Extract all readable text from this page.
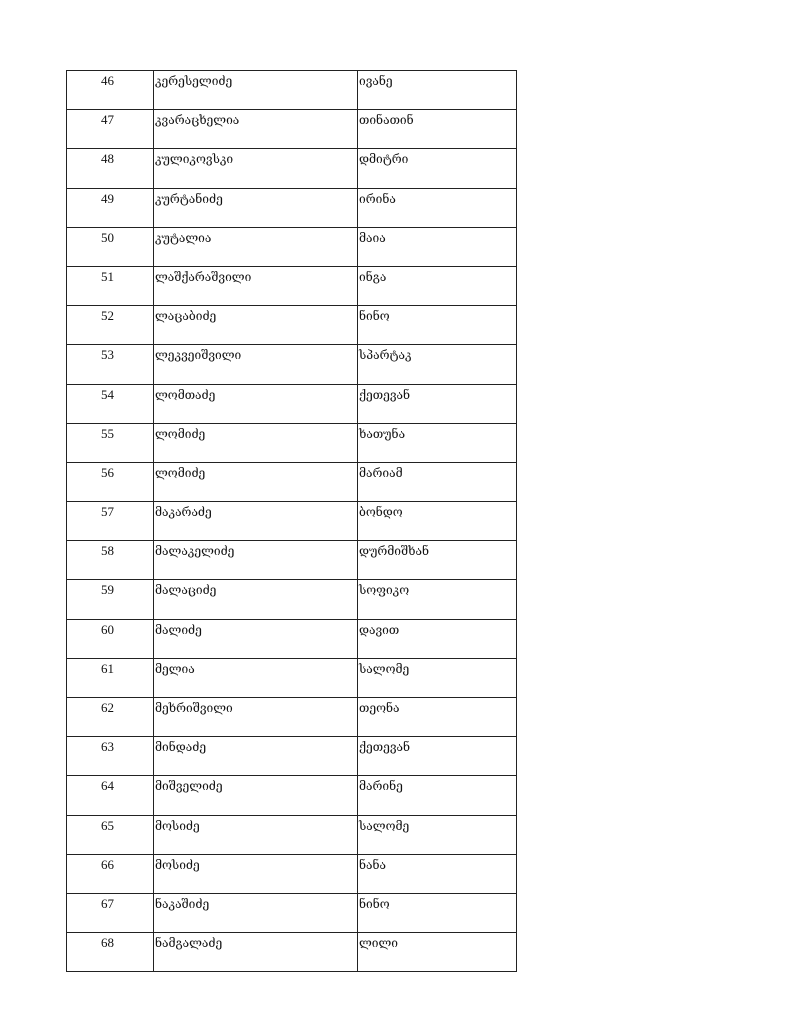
46	კერესელიძე	ივანე
47	კვარაცხელია	თინათინ
48	კულიკოვსკი	დმიტრი
49	კურტანიძე	ირინა
50	კუტალია	მაია
51	ლაშქარაშვილი	ინგა
52	ლაცაბიძე	ნინო
53	ლეკვეიშვილი	სპარტაკ
54	ლომთაძე	ქეთევან
55	ლომიძე	ხათუნა
56	ლომიძე	მარიამ
57	მაკარაძე	ბონდო
58	მალაკელიძე	დურმიშხან
59	მალაციძე	სოფიკო
60	მალიძე	დავით
61	მელია	სალომე
62	მეხრიშვილი	თეონა
63	მინდაძე	ქეთევან
64	მიშველიძე	მარინე
65	მოსიძე	სალომე
66	მოსიძე	ნანა
67	ნაკაშიძე	ნინო
68	ნამგალაძე	ლილი
